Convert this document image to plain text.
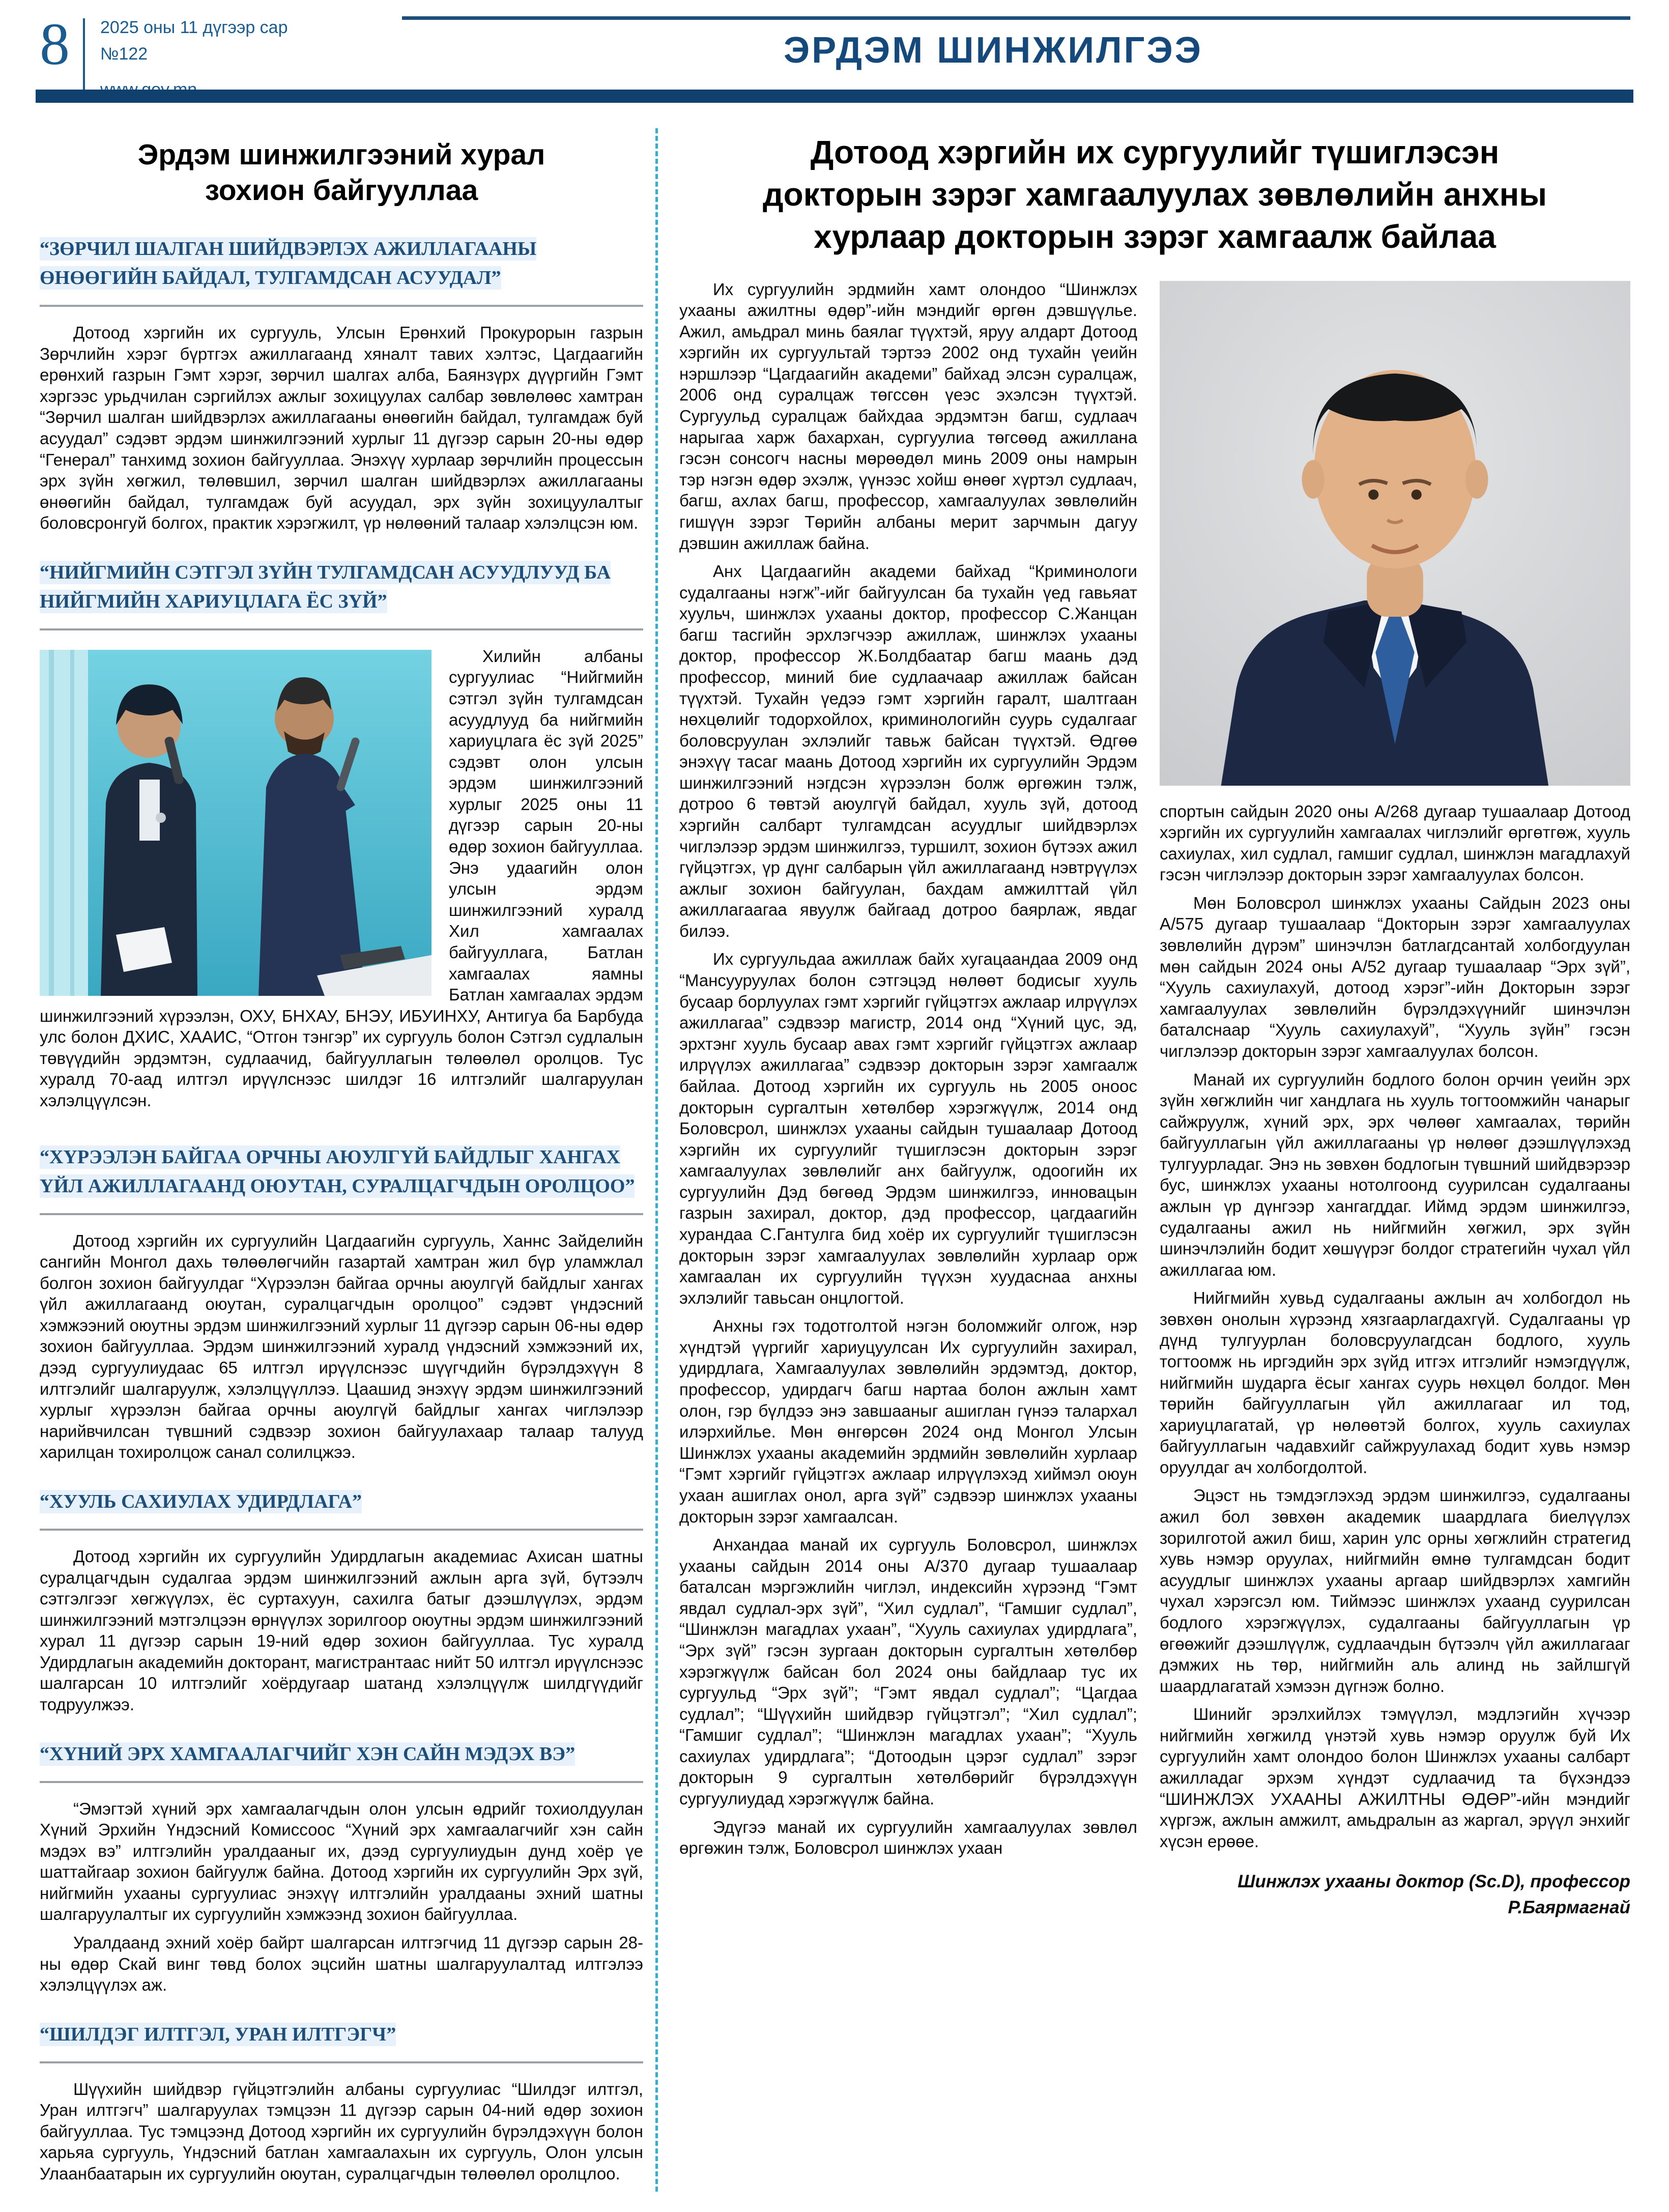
8	2025 оны 11 дүгээр сар
№122	ЭРДЭМ ШИНЖИЛГЭЭ
Эрдэм шинжилгээний хурал
зохион байгууллаа
“ЗӨРЧИЛ ШАЛГАН ШИЙДВЭРЛЭХ АЖИЛЛАГААНЫ ӨНӨӨГИЙН БАЙДАЛ, ТУЛГАМДСАН АСУУДАЛ”

Дотоод хэргийн их сургууль, Улсын Ерөнхий Прокурорын газрын Зөрчлийн хэрэг бүртгэх ажиллагаанд хяналт тавих хэлтэс, Цагдаагийн ерөнхий газрын Гэмт хэрэг, зөрчил шалгах алба, Баянзүрх дүүргийн Гэмт хэргээс урьдчилан сэргийлэх ажлыг зохицуулах салбар зөвлөлөөс хамтран “Зөрчил шалган шийдвэрлэх ажиллагааны өнөөгийн байдал, тулгамдаж буй асуудал” сэдэвт эрдэм шинжилгээний хурлыг 11 дүгээр сарын 20-ны өдөр “Генерал” танхимд зохион байгууллаа. Энэхүү хурлаар зөрчлийн процессын эрх зүйн хөгжил, төлөвшил, зөрчил шалган шийдвэрлэх ажиллагааны өнөөгийн байдал, тулгамдаж буй асуудал, эрх зүйн зохицуулалтыг боловсронгуй болгох, практик хэрэгжилт, үр нөлөөний талаар хэлэлцсэн юм.

“НИЙГМИЙН СЭТГЭЛ ЗҮЙН ТУЛГАМДСАН АСУУДЛУУД БА НИЙГМИЙН ХАРИУЦЛАГА ЁС ЗҮЙ”

Хилийн албаны сургуулиас “Нийгмийн сэтгэл зүйн тулгамдсан асуудлууд ба нийгмийн хариуцлага ёс зүй 2025” сэдэвт олон улсын эрдэм шинжилгээний хурлыг 2025 оны 11 дүгээр сарын 20-ны өдөр зохион байгууллаа. Энэ удаагийн олон улсын эрдэм шинжилгээний хуралд Хил хамгаалах байгууллага, Батлан хамгаалах яамны Батлан хамгаалах эрдэм шинжилгээний хүрээлэн, ОХУ, БНХАУ, БНЭУ, ИБУИНХУ, Антигуа ба Барбуда улс болон ДХИС, ХААИС, “Отгон тэнгэр” их сургууль болон Сэтгэл судлалын төвүүдийн эрдэмтэн, судлаачид, байгууллагын төлөөлөл оролцов. Тус хуралд 70-аад илтгэл ирүүлснээс шилдэг 16 илтгэлийг шалгаруулан хэлэлцүүлсэн.

“ХҮРЭЭЛЭН БАЙГАА ОРЧНЫ АЮУЛГҮЙ БАЙДЛЫГ ХАНГАХ ҮЙЛ АЖИЛЛАГААНД ОЮУТАН, СУРАЛЦАГЧДЫН ОРОЛЦОО”

Дотоод хэргийн их сургуулийн Цагдаагийн сургууль, Ханнс Зайделийн сангийн Монгол дахь төлөөлөгчийн газартай хамтран жил бүр уламжлал болгон зохион байгуулдаг “Хүрээлэн байгаа орчны аюулгүй байдлыг хангах үйл ажиллагаанд оюутан, суралцагчдын оролцоо” сэдэвт үндэсний хэмжээний оюутны эрдэм шинжилгээний хурлыг 11 дүгээр сарын 06-ны өдөр зохион байгууллаа. Эрдэм шинжилгээний хуралд үндэсний хэмжээний их, дээд сургуулиудаас 65 илтгэл ирүүлснээс шүүгчдийн бүрэлдэхүүн 8 илтгэлийг шалгаруулж, хэлэлцүүллээ. Цаашид энэхүү эрдэм шинжилгээний хурлыг хүрээлэн байгаа орчны аюулгүй байдлыг хангах чиглэлээр нарийвчилсан түвшний сэдвээр зохион байгуулахаар талаар талууд харилцан тохиролцож санал солилцжээ.

“ХУУЛЬ САХИУЛАХ УДИРДЛАГА”

Дотоод хэргийн их сургуулийн Удирдлагын академиас Ахисан шатны суралцагчдын судалгаа эрдэм шинжилгээний ажлын арга зүй, бүтээлч сэтгэлгээг хөгжүүлэх, ёс суртахуун, сахилга батыг дээшлүүлэх, эрдэм шинжилгээний мэтгэлцээн өрнүүлэх зорилгоор оюутны эрдэм шинжилгээний хурал 11 дүгээр сарын 19-ний өдөр зохион байгууллаа. Тус хуралд Удирдлагын академийн докторант, магистрантаас нийт 50 илтгэл ирүүлснээс шалгарсан 10 илтгэлийг хоёрдугаар шатанд хэлэлцүүлж шилдгүүдийг тодруулжээ.

“ХҮНИЙ ЭРХ ХАМГААЛАГЧИЙГ ХЭН САЙН МЭДЭХ ВЭ”

“Эмэгтэй хүний эрх хамгаалагчдын олон улсын өдрийг тохиолдуулан Хүний Эрхийн Үндэсний Комиссоос “Хүний эрх хамгаалагчийг хэн сайн мэдэх вэ” илтгэлийн уралдааныг их, дээд сургуулиудын дунд хоёр үе шаттайгаар зохион байгуулж байна. Дотоод хэргийн их сургуулийн Эрх зүй, нийгмийн ухааны сургуулиас энэхүү илтгэлийн уралдааны эхний шатны шалгаруулалтыг их сургуулийн хэмжээнд зохион байгууллаа.

Уралдаанд эхний хоёр байрт шалгарсан илтгэгчид 11 дүгээр сарын 28-ны өдөр Скай винг төвд болох эцсийн шатны шалгаруулалтад илтгэлээ хэлэлцүүлэх аж.

“ШИЛДЭГ ИЛТГЭЛ, УРАН ИЛТГЭГЧ”

Шүүхийн шийдвэр гүйцэтгэлийн албаны сургуулиас “Шилдэг илтгэл, Уран илтгэгч” шалгаруулах тэмцээн 11 дүгээр сарын 04-ний өдөр зохион байгууллаа. Тус тэмцээнд Дотоод хэргийн их сургуулийн бүрэлдэхүүн болон харьяа сургууль, Үндэсний батлан хамгаалахын их сургууль, Олон улсын Улаанбаатарын их сургуулийн оюутан, суралцагчдын төлөөлөл оролцлоо.

Дотоод хэргийн их сургуулийг түшиглэсэн
докторын зэрэг хамгаалуулах зөвлөлийн анхны
хурлаар докторын зэрэг хамгаалж байлаа

Их сургуулийн эрдмийн хамт олондоо “Шинжлэх ухааны ажилтны өдөр”-ийн мэндийг өргөн дэвшүүлье. Ажил, амьдрал минь баялаг түүхтэй, яруу алдарт Дотоод хэргийн их сургуультай тэртээ 2002 онд тухайн үеийн нэршлээр “Цагдаагийн академи” байхад элсэн суралцаж, 2006 онд суралцаж төгссөн үеэс эхэлсэн түүхтэй. Сургуульд суралцаж байхдаа эрдэмтэн багш, судлаач нарыгаа харж бахархан, сургуулиа төгсөөд ажиллана гэсэн сонсогч насны мөрөөдөл минь 2009 оны намрын тэр нэгэн өдөр эхэлж, үүнээс хойш өнөөг хүртэл судлаач, багш, ахлах багш, профессор, хамгаалуулах зөвлөлийн гишүүн зэрэг Төрийн албаны мерит зарчмын дагуу дэвшин ажиллаж байна.

Анх Цагдаагийн академи байхад “Криминологи судалгааны нэгж”-ийг байгуулсан ба тухайн үед гавьяат хуульч, шинжлэх ухааны доктор, профессор С.Жанцан багш тасгийн эрхлэгчээр ажиллаж, шинжлэх ухааны доктор, профессор Ж.Болдбаатар багш маань дэд профессор, миний бие судлаачаар ажиллаж байсан түүхтэй. Тухайн үедээ гэмт хэргийн гаралт, шалтгаан нөхцөлийг тодорхойлох, криминологийн суурь судалгааг боловсруулан эхлэлийг тавьж байсан түүхтэй. Өдгөө энэхүү тасаг маань Дотоод хэргийн их сургуулийн Эрдэм шинжилгээний нэгдсэн хүрээлэн болж өргөжин тэлж, дотроо 6 төвтэй аюулгүй байдал, хууль зүй, дотоод хэргийн салбарт тулгамдсан асуудлыг шийдвэрлэх чиглэлээр эрдэм шинжилгээ, туршилт, зохион бүтээх ажил гүйцэтгэх, үр дүнг салбарын үйл ажиллагаанд нэвтрүүлэх ажлыг зохион байгуулан, бахдам амжилттай үйл ажиллагаагаа явуулж байгаад дотроо баярлаж, явдаг билээ.

Их сургуульдаа ажиллаж байх хугацаандаа 2009 онд “Мансууруулах болон сэтгэцэд нөлөөт бодисыг хууль бусаар борлуулах гэмт хэргийг гүйцэтгэх ажлаар илрүүлэх ажиллагаа” сэдвээр магистр, 2014 онд “Хүний цус, эд, эрхтэнг хууль бусаар авах гэмт хэргийг гүйцэтгэх ажлаар илрүүлэх ажиллагаа” сэдвээр докторын зэрэг хамгаалж байлаа. Дотоод хэргийн их сургууль нь 2005 оноос докторын сургалтын хөтөлбөр хэрэгжүүлж, 2014 онд Боловсрол, шинжлэх ухааны сайдын тушаалаар Дотоод хэргийн их сургуулийг түшиглэсэн докторын зэрэг хамгаалуулах зөвлөлийг анх байгуулж, одоогийн их сургуулийн Дэд бөгөөд Эрдэм шинжилгээ, инновацын газрын захирал, доктор, дэд профессор, цагдаагийн хурандаа С.Гантулга бид хоёр их сургуулийг түшиглэсэн докторын зэрэг хамгаалуулах зөвлөлийн хурлаар орж хамгаалан их сургуулийн түүхэн хуудаснаа анхны эхлэлийг тавьсан онцлогтой.

Анхны гэх тодотголтой нэгэн боломжийг олгож, нэр хүндтэй үүргийг хариуцуулсан Их сургуулийн захирал, удирдлага, Хамгаалуулах зөвлөлийн эрдэмтэд, доктор, профессор, удирдагч багш нартаа болон ажлын хамт олон, гэр бүлдээ энэ завшааныг ашиглан гүнээ талархал илэрхийлье. Мөн өнгөрсөн 2024 онд Монгол Улсын Шинжлэх ухааны академийн эрдмийн зөвлөлийн хурлаар “Гэмт хэргийг гүйцэтгэх ажлаар илрүүлэхэд хиймэл оюун ухаан ашиглах онол, арга зүй” сэдвээр шинжлэх ухааны докторын зэрэг хамгаалсан.

Анхандаа манай их сургууль Боловсрол, шинжлэх ухааны сайдын 2014 оны А/370 дугаар тушаалаар баталсан мэргэжлийн чиглэл, индексийн хүрээнд “Гэмт явдал судлал-эрх зүй”, “Хил судлал”, “Гамшиг судлал”, “Шинжлэн магадлах ухаан”, “Хууль сахиулах удирдлага”, “Эрх зүй” гэсэн зургаан докторын сургалтын хөтөлбөр хэрэгжүүлж байсан бол 2024 оны байдлаар тус их сургуульд “Эрх зүй”; “Гэмт явдал судлал”; “Цагдаа судлал”; “Шүүхийн шийдвэр гүйцэтгэл”; “Хил судлал”; “Гамшиг судлал”; “Шинжлэн магадлах ухаан”; “Хууль сахиулах удирдлага”; “Дотоодын цэрэг судлал” зэрэг докторын 9 сургалтын хөтөлбөрийг бүрэлдэхүүн сургуулиудад хэрэгжүүлж байна.

Эдүгээ манай их сургуулийн хамгаалуулах зөвлөл өргөжин тэлж, Боловсрол шинжлэх ухаан

спортын сайдын 2020 оны А/268 дугаар тушаалаар Дотоод хэргийн их сургуулийн хамгаалах чиглэлийг өргөтгөж, хууль сахиулах, хил судлал, гамшиг судлал, шинжлэн магадлахуй гэсэн чиглэлээр докторын зэрэг хамгаалуулах болсон.

Мөн Боловсрол шинжлэх ухааны Сайдын 2023 оны А/575 дугаар тушаалаар “Докторын зэрэг хамгаалуулах зөвлөлийн дүрэм” шинэчлэн батлагдсантай холбогдуулан мөн сайдын 2024 оны А/52 дугаар тушаалаар “Эрх зүй”, “Хууль сахиулахуй, дотоод хэрэг”-ийн Докторын зэрэг хамгаалуулах зөвлөлийн бүрэлдэхүүнийг шинэчлэн баталснаар “Хууль сахиулахуй”, “Хууль зүйн” гэсэн чиглэлээр докторын зэрэг хамгаалуулах болсон.

Манай их сургуулийн бодлого болон орчин үеийн эрх зүйн хөгжлийн чиг хандлага нь хууль тогтоомжийн чанарыг сайжруулж, хүний эрх, эрх чөлөөг хамгаалах, төрийн байгууллагын үйл ажиллагааны үр нөлөөг дээшлүүлэхэд тулгуурладаг. Энэ нь зөвхөн бодлогын түвшний шийдвэрээр бус, шинжлэх ухааны нотолгоонд суурилсан судалгааны ажлын үр дүнгээр хангагддаг. Иймд эрдэм шинжилгээ, судалгааны ажил нь нийгмийн хөгжил, эрх зүйн шинэчлэлийн бодит хөшүүрэг болдог стратегийн чухал үйл ажиллагаа юм.

Нийгмийн хувьд судалгааны ажлын ач холбогдол нь зөвхөн онолын хүрээнд хязгаарлагдахгүй. Судалгааны үр дүнд тулгуурлан боловсруулагдсан бодлого, хууль тогтоомж нь иргэдийн эрх зүйд итгэх итгэлийг нэмэгдүүлж, нийгмийн шударга ёсыг хангах суурь нөхцөл болдог. Мөн төрийн байгууллагын үйл ажиллагааг ил тод, хариуцлагатай, үр нөлөөтэй болгох, хууль сахиулах байгууллагын чадавхийг сайжруулахад бодит хувь нэмэр оруулдаг ач холбогдолтой.

Эцэст нь тэмдэглэхэд эрдэм шинжилгээ, судалгааны ажил бол зөвхөн академик шаардлага биелүүлэх зорилготой ажил биш, харин улс орны хөгжлийн стратегид хувь нэмэр оруулах, нийгмийн өмнө тулгамдсан бодит асуудлыг шинжлэх ухааны аргаар шийдвэрлэх хамгийн чухал хэрэгсэл юм. Тиймээс шинжлэх ухаанд суурилсан бодлого хэрэгжүүлэх, судалгааны байгууллагын үр өгөөжийг дээшлүүлж, судлаачдын бүтээлч үйл ажиллагааг дэмжих нь төр, нийгмийн аль алинд нь зайлшгүй шаардлагатай хэмээн дүгнэж болно.

Шинийг эрэлхийлэх тэмүүлэл, мэдлэгийн хүчээр нийгмийн хөгжилд үнэтэй хувь нэмэр оруулж буй Их сургуулийн хамт олондоо болон Шинжлэх ухааны салбарт ажилладаг эрхэм хүндэт судлаачид та бүхэндээ “ШИНЖЛЭХ УХААНЫ АЖИЛТНЫ ӨДӨР”-ийн мэндийг хүргэж, ажлын амжилт, амьдралын аз жаргал, эрүүл энхийг хүсэн ерөөе.

Шинжлэх ухааны доктор (Sc.D), профессор
Р.Баярмагнай
